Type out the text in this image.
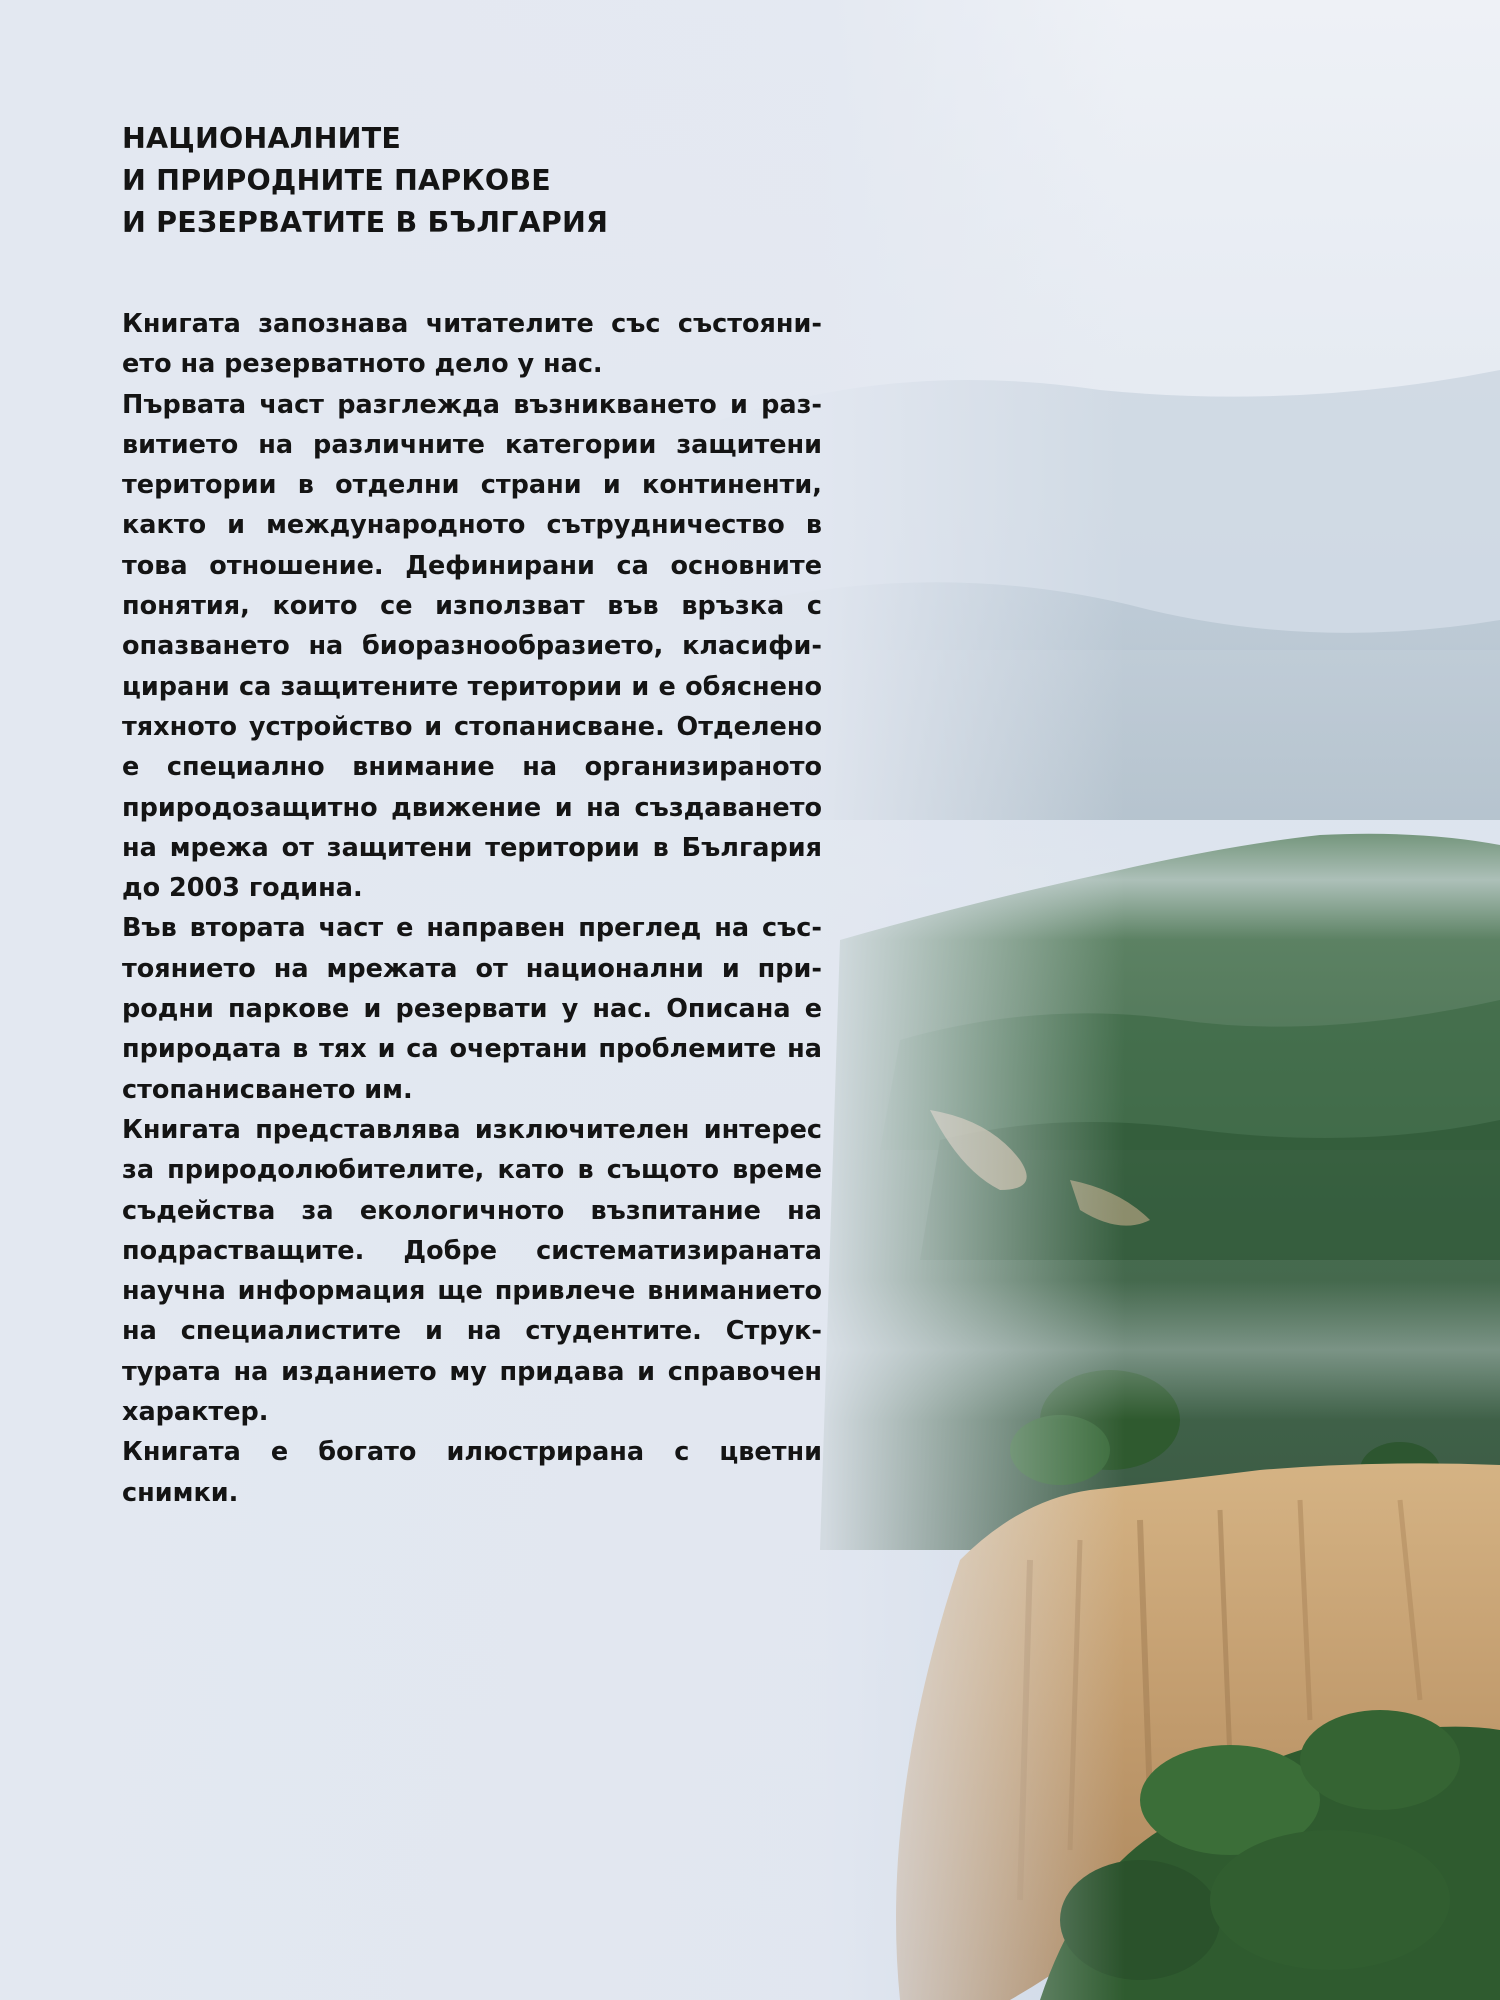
НАЦИОНАЛНИТЕ
И ПРИРОДНИТЕ ПАРКОВЕ
И РЕЗЕРВАТИТЕ В БЪЛГАРИЯ

Книгата запознава читателите със състоянието на резерватното дело у нас.

Първата част разглежда възникването и развитието на различните категории защитени територии в отделни страни и континенти, както и международното сътрудничество в това отношение. Дефинирани са основните понятия, които се използват във връзка с опазването на биоразнообразието, класифицирани са защитените територии и е обяснено тяхното устройство и стопанисване. Отделено е специално внимание на организираното природозащитно движение и на създаването на мрежа от защитени територии в България до 2003 година.

Във втората част е направен преглед на състоянието на мрежата от национални и природни паркове и резервати у нас. Описана е природата в тях и са очертани проблемите на стопанисването им.

Книгата представлява изключителен интерес за природолюбителите, като в същото време съдейства за екологичното възпитание на подрастващите. Добре систематизираната научна информация ще привлече вниманието на специалистите и на студентите. Структурата на изданието му придава и справочен характер.

Книгата е богато илюстрирана с цветни снимки.
